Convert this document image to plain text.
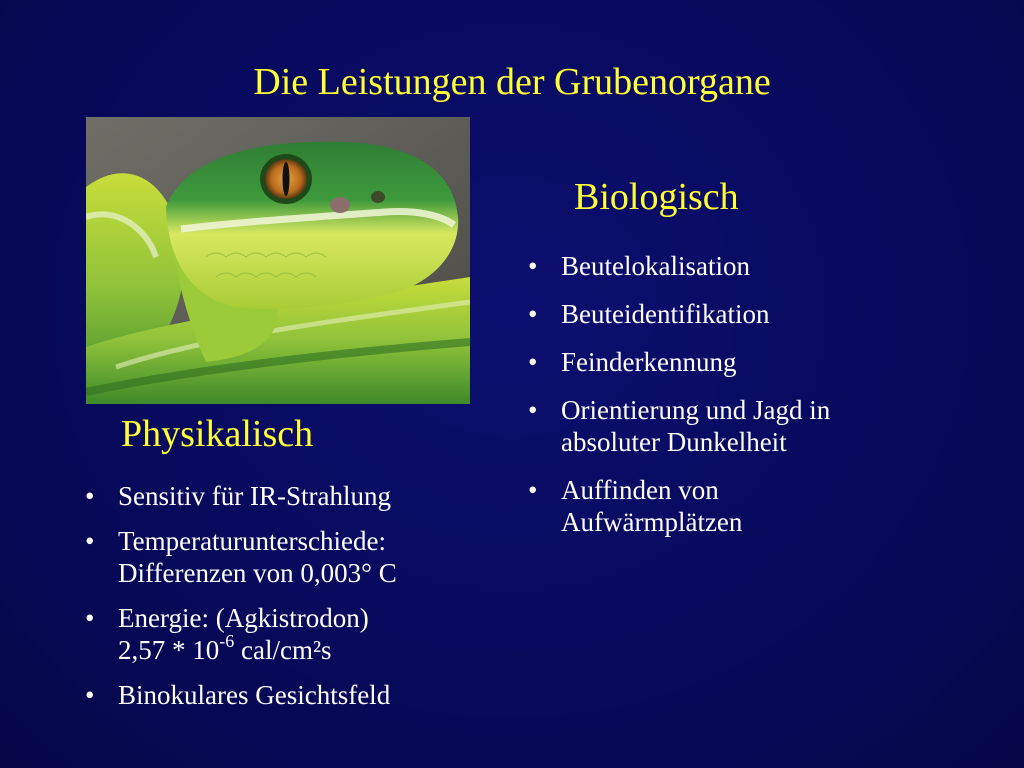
Die Leistungen der Grubenorgane
Biologisch
• Beutelokalisation
• Beuteidentifikation
• Feinderkennung
• Orientierung und Jagd in
absoluter Dunkelheit
• Auffinden von
Aufwärmplätzen
Physikalisch
• Sensitiv für IR-Strahlung
• Temperaturunterschiede:
Differenzen von 0,003° C
• Energie: (Agkistrodon)
$2,57 * 10^{-6}$ cal/cm²s
• Binokulares Gesichtsfeld
